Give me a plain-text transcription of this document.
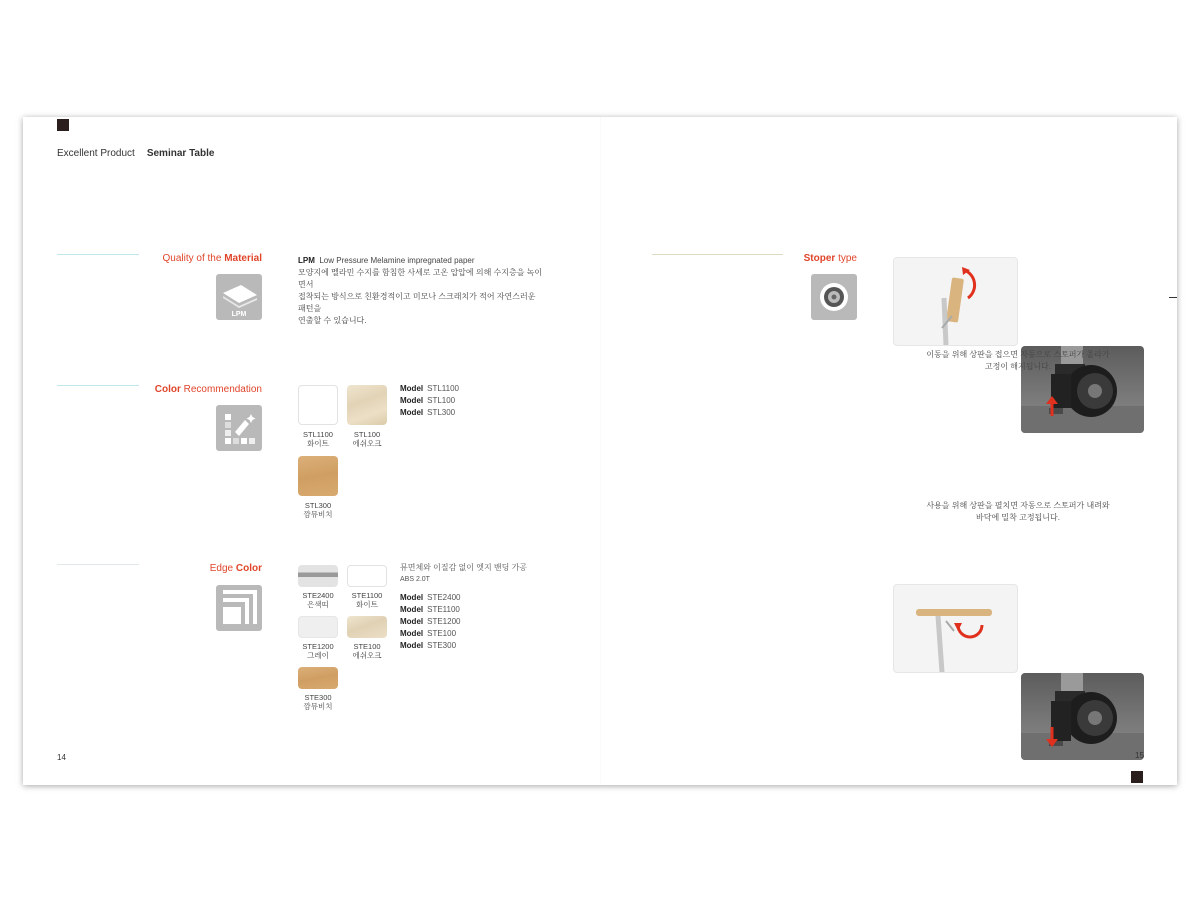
Excellent Product Seminar Table
Quality of the Material
LPM
LPM Low Pressure Melamine impregnated paper
모양지에 멜라민 수지를 함침한 사세로 고온 압압에 의해 수지층을 녹이면서
접착되는 방식으로 친환경적이고 미모나 스크래치가 적어 자연스러운 패턴을
연출할 수 있습니다.
Color Recommendation
STL1100
화이트
STL100
에쉬오크
STL300
깜뮤비치
Model STL1100
Model STL100
Model STL300
Edge Color
STE2400
은색띠
STE1100
화이트
STE1200
그레이
STE100
에쉬오크
STE300
깜뮤비치
뮤면체와 이질감 없이 엣지 밴딩 가공
ABS 2.0T
Model STE2400
Model STE1100
Model STE1200
Model STE100
Model STE300
14
Stoper type
이동을 위해 상판을 접으면 자동으로 스토퍼가 올라가
고정이 해지됩니다.
사용을 위해 상판을 펼치면 자동으로 스토퍼가 내려와
바닥에 밀착 고정됩니다.
15
